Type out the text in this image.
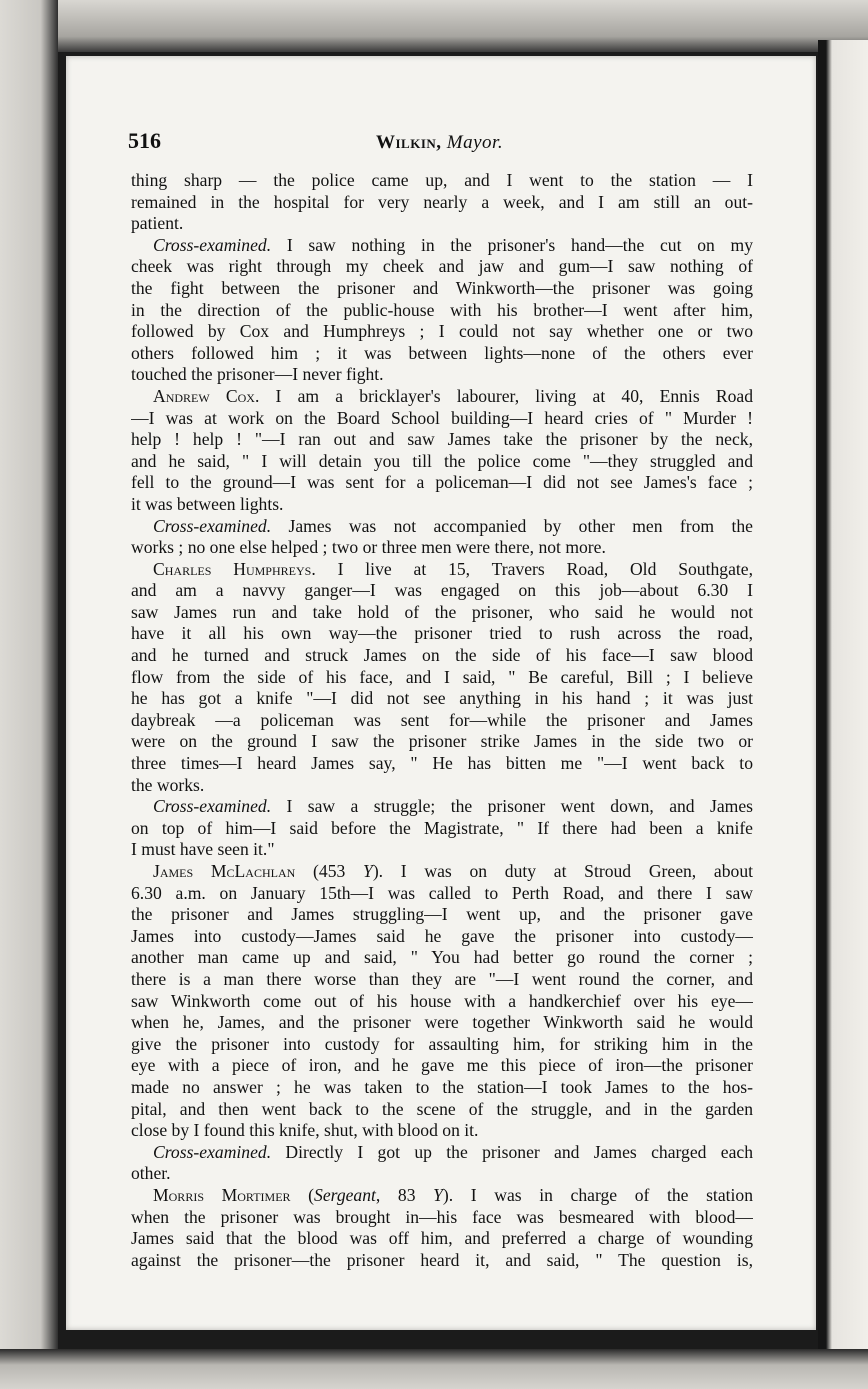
516	Wilkin, Mayor.
thing sharp — the police came up, and I went to the station — I
remained in the hospital for very nearly a week, and I am still an out-
patient.
Cross-examined. I saw nothing in the prisoner's hand—the cut on my
cheek was right through my cheek and jaw and gum—I saw nothing of
the fight between the prisoner and Winkworth—the prisoner was going
in the direction of the public-house with his brother—I went after him,
followed by Cox and Humphreys ; I could not say whether one or two
others followed him ; it was between lights—none of the others ever
touched the prisoner—I never fight.
Andrew Cox. I am a bricklayer's labourer, living at 40, Ennis Road
—I was at work on the Board School building—I heard cries of " Murder !
help ! help ! "—I ran out and saw James take the prisoner by the neck,
and he said, " I will detain you till the police come "—they struggled and
fell to the ground—I was sent for a policeman—I did not see James's face ;
it was between lights.
Cross-examined. James was not accompanied by other men from the
works ; no one else helped ; two or three men were there, not more.
Charles Humphreys. I live at 15, Travers Road, Old Southgate,
and am a navvy ganger—I was engaged on this job—about 6.30 I
saw James run and take hold of the prisoner, who said he would not
have it all his own way—the prisoner tried to rush across the road,
and he turned and struck James on the side of his face—I saw blood
flow from the side of his face, and I said, " Be careful, Bill ; I believe
he has got a knife "—I did not see anything in his hand ; it was just
daybreak —a policeman was sent for—while the prisoner and James
were on the ground I saw the prisoner strike James in the side two or
three times—I heard James say, " He has bitten me "—I went back to
the works.
Cross-examined. I saw a struggle; the prisoner went down, and James
on top of him—I said before the Magistrate, " If there had been a knife
I must have seen it."
James McLachlan (453 Y). I was on duty at Stroud Green, about
6.30 a.m. on January 15th—I was called to Perth Road, and there I saw
the prisoner and James struggling—I went up, and the prisoner gave
James into custody—James said he gave the prisoner into custody—
another man came up and said, " You had better go round the corner ;
there is a man there worse than they are "—I went round the corner, and
saw Winkworth come out of his house with a handkerchief over his eye—
when he, James, and the prisoner were together Winkworth said he would
give the prisoner into custody for assaulting him, for striking him in the
eye with a piece of iron, and he gave me this piece of iron—the prisoner
made no answer ; he was taken to the station—I took James to the hos-
pital, and then went back to the scene of the struggle, and in the garden
close by I found this knife, shut, with blood on it.
Cross-examined. Directly I got up the prisoner and James charged each
other.
Morris Mortimer (Sergeant, 83 Y). I was in charge of the station
when the prisoner was brought in—his face was besmeared with blood—
James said that the blood was off him, and preferred a charge of wounding
against the prisoner—the prisoner heard it, and said, " The question is,
